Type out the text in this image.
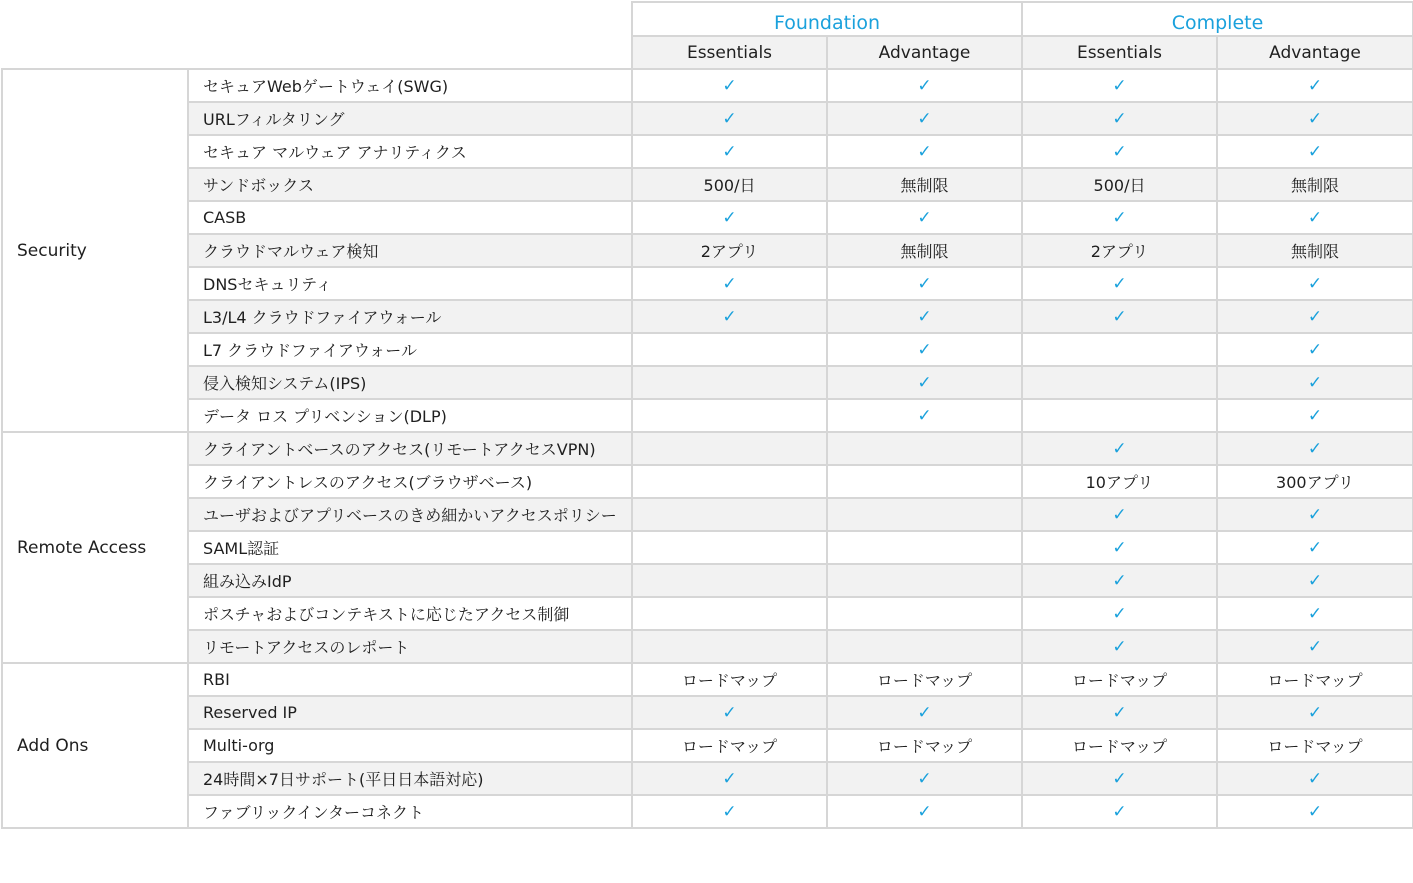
		Foundation		Complete	
		Essentials	Advantage	Essentials	Advantage
Security	セキュアWebゲートウェイ(SWG)	✓	✓	✓	✓
	URLフィルタリング	✓	✓	✓	✓
	セキュア マルウェア アナリティクス	✓	✓	✓	✓
	サンドボックス	500/日	無制限	500/日	無制限
	CASB	✓	✓	✓	✓
	クラウドマルウェア検知	2アプリ	無制限	2アプリ	無制限
	DNSセキュリティ	✓	✓	✓	✓
	L3/L4 クラウドファイアウォール	✓	✓	✓	✓
	L7 クラウドファイアウォール		✓		✓
	侵入検知システム(IPS)		✓		✓
	データ ロス プリベンション(DLP)		✓		✓
Remote Access	クライアントベースのアクセス(リモートアクセスVPN)			✓	✓
	クライアントレスのアクセス(ブラウザベース)			10アプリ	300アプリ
	ユーザおよびアプリベースのきめ細かいアクセスポリシー			✓	✓
	SAML認証			✓	✓
	組み込みIdP			✓	✓
	ポスチャおよびコンテキストに応じたアクセス制御			✓	✓
	リモートアクセスのレポート			✓	✓
Add Ons	RBI	ロードマップ	ロードマップ	ロードマップ	ロードマップ
	Reserved IP	✓	✓	✓	✓
	Multi-org	ロードマップ	ロードマップ	ロードマップ	ロードマップ
	24時間×7日サポート(平日日本語対応)	✓	✓	✓	✓
	ファブリックインターコネクト	✓	✓	✓	✓
